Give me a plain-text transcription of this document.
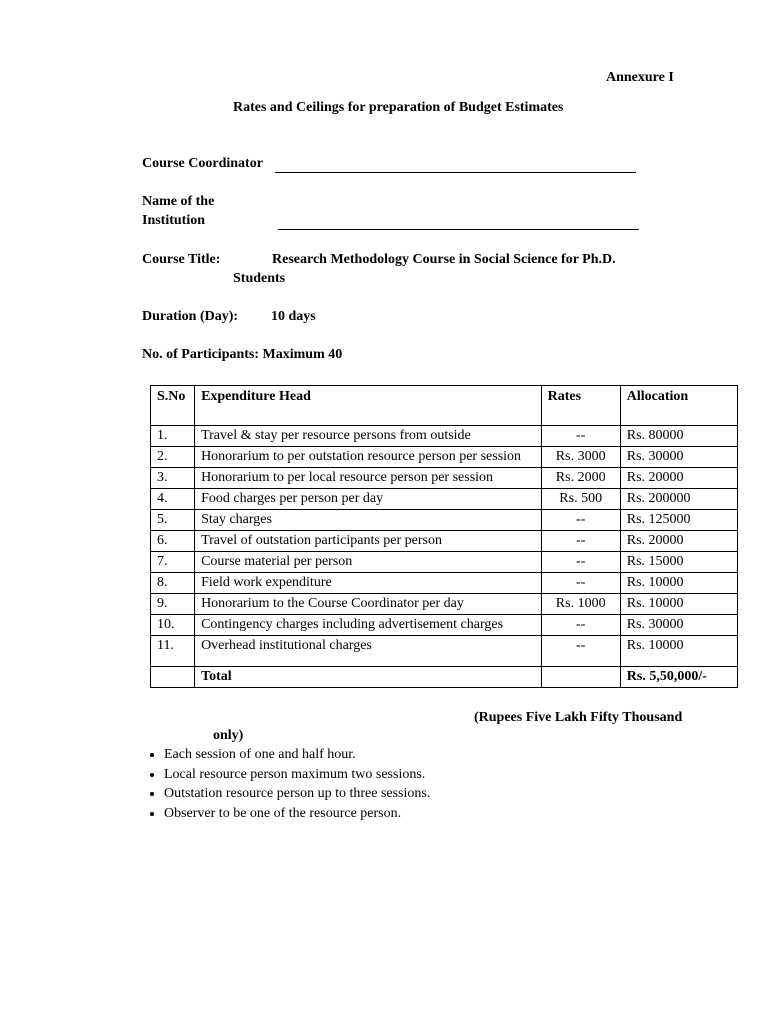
Annexure I
Rates and Ceilings for preparation of Budget Estimates
Course Coordinator
Name of the
Institution
Course Title:	Research Methodology Course in Social Science for Ph.D.
Students
Duration (Day): 10 days
No. of Participants: Maximum 40
S.No	Expenditure Head	Rates	Allocation
1.	Travel & stay per resource persons from outside	--	Rs. 80000
2.	Honorarium to per outstation resource person per session	Rs. 3000	Rs. 30000
3.	Honorarium to per local resource person per session	Rs. 2000	Rs. 20000
4.	Food charges per person per day	Rs. 500	Rs. 200000
5.	Stay charges	--	Rs. 125000
6.	Travel of outstation participants per person	--	Rs. 20000
7.	Course material per person	--	Rs. 15000
8.	Field work expenditure	--	Rs. 10000
9.	Honorarium to the Course Coordinator per day	Rs. 1000	Rs. 10000
10.	Contingency charges including advertisement charges	--	Rs. 30000
11.	Overhead institutional charges	--	Rs. 10000
	Total		Rs. 5,50,000/-
(Rupees Five Lakh Fifty Thousand
only)
• Each session of one and half hour.
• Local resource person maximum two sessions.
• Outstation resource person up to three sessions.
• Observer to be one of the resource person.
